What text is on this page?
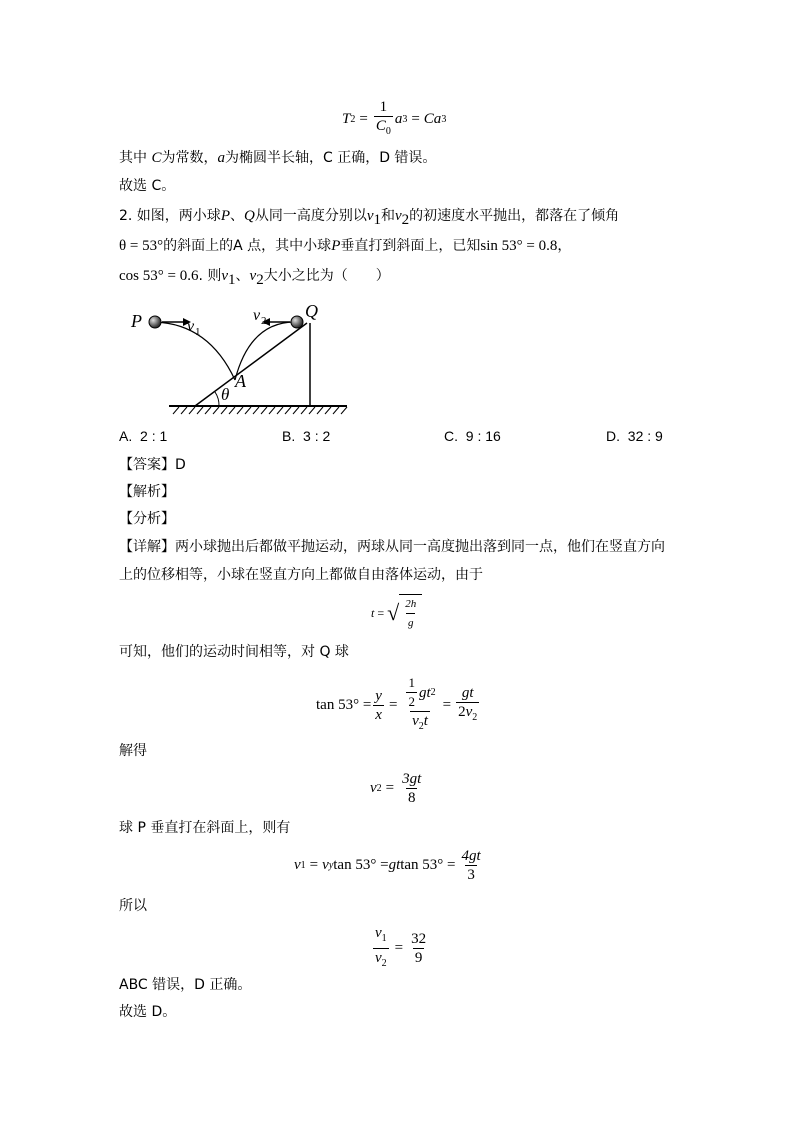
T $2 = \frac{1}{C_0}$ a 3 = Ca 3
其中 C为常数，a为椭圆半长轴，C 正确，D 错误。
故选 C。
2. 如图，两小球P、Q从同一高度分别以$v_1$和$v_2$的初速度水平抛出，都落在了倾角
θ = 53°的斜面上的A 点，其中小球P垂直打到斜面上，已知sin 53° = 0.8，
cos 53° = 0.6. 则$v_1$、$v_2$大小之比为（　　）
P	v 1
v 2 Q
A
θ
A. 2 : 1	B. 3 : 2	C. 9 : 16	D. 32 : 9
【答案】D
【解析】
【分析】
【详解】两小球抛出后都做平抛运动，两球从同一高度抛出落到同一点，他们在竖直方向
上的位移相等，小球在竖直方向上都做自由落体运动，由于
t = √ $\frac{2h}{g}$
可知，他们的运动时间相等，对 Q 球
$\tan 53^\circ = \frac{y}{x} = \frac{\frac{1}{2} gt 2}{v_2t} = \frac{gt}{2v_2}$
解得
v $2 = \frac{3gt}{8}$
球 P 垂直打在斜面上，则有
v 1 = v y tan 53° = gt $\tan 53^\circ = \frac{4gt}{3}$
所以
$\frac{v_1}{v_2} = \frac{32}{9}$
ABC 错误，D 正确。
故选 D。
